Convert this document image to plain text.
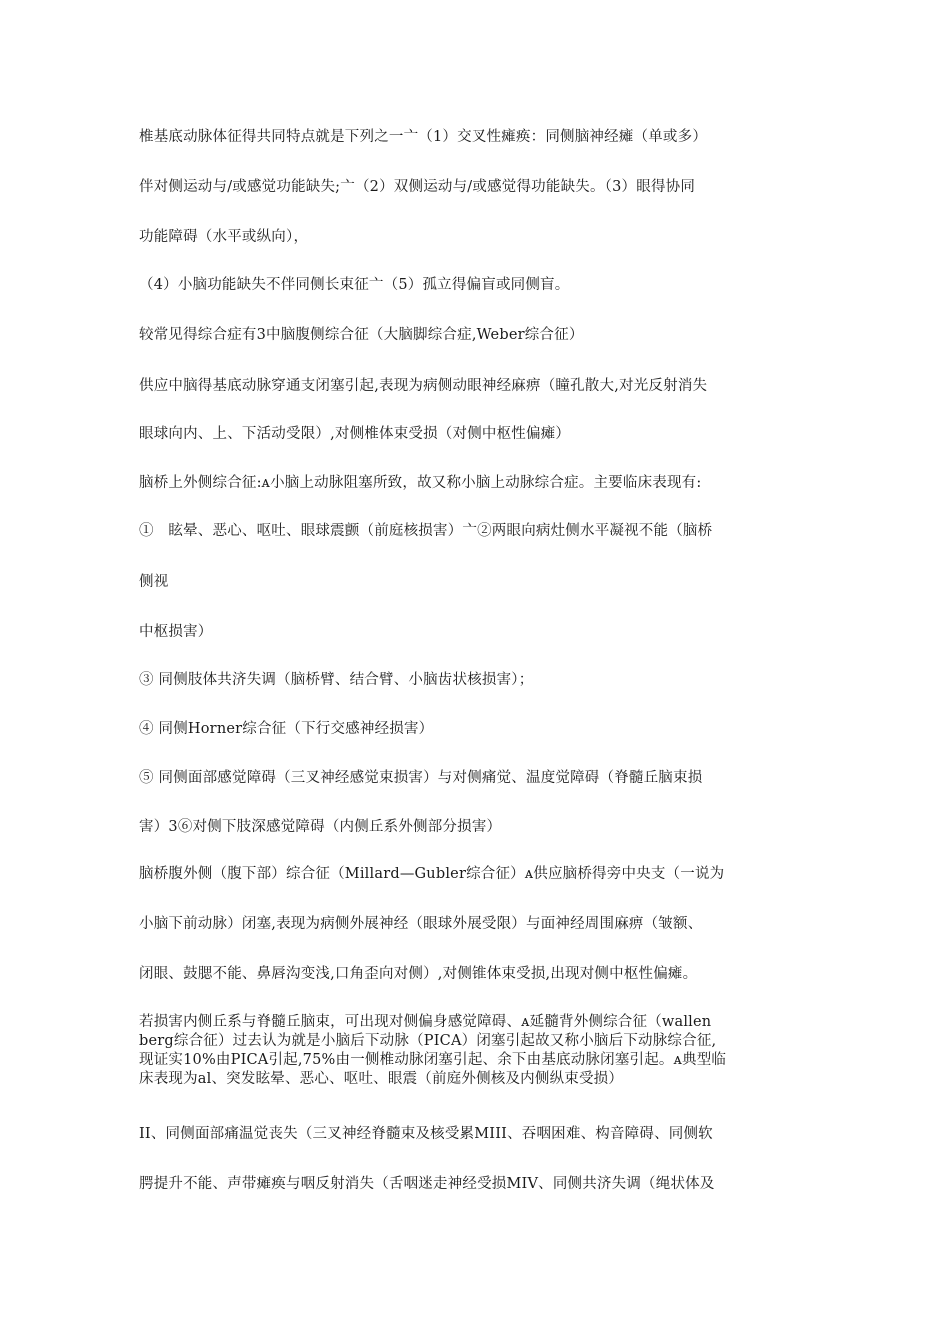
椎基底动脉体征得共同特点就是下列之一亠（1）交叉性瘫痪：同侧脑神经瘫（单或多）
伴对侧运动与/或感觉功能缺失;亠（2）双侧运动与/或感觉得功能缺失。（3）眼得协同
功能障碍（水平或纵向），
（4）小脑功能缺失不伴同侧长束征亠（5）孤立得偏盲或同侧盲。
较常见得综合症有3中脑腹侧综合征（大脑脚综合症,Weber综合征）
供应中脑得基底动脉穿通支闭塞引起,表现为病侧动眼神经麻痹（瞳孔散大,对光反射消失
眼球向内、上、下活动受限）,对侧椎体束受损（对侧中枢性偏瘫）
脑桥上外侧综合征:ᴀ小脑上动脉阻塞所致，故又称小脑上动脉综合症。主要临床表现有:
①　眩晕、恶心、呕吐、眼球震颤（前庭核损害）亠②两眼向病灶侧水平凝视不能（脑桥
侧视
中枢损害）
③ 同侧肢体共济失调（脑桥臂、结合臂、小脑齿状核损害）；
④ 同侧Horner综合征（下行交感神经损害）
⑤ 同侧面部感觉障碍（三叉神经感觉束损害）与对侧痛觉、温度觉障碍（脊髓丘脑束损
害）3⑥对侧下肢深感觉障碍（内侧丘系外侧部分损害）
脑桥腹外侧（腹下部）综合征（Millard—Gubler综合征）ᴀ供应脑桥得旁中央支（一说为
小脑下前动脉）闭塞,表现为病侧外展神经（眼球外展受限）与面神经周围麻痹（皱额、
闭眼、鼓腮不能、鼻唇沟变浅,口角歪向对侧）,对侧锥体束受损,出现对侧中枢性偏瘫。
若损害内侧丘系与脊髓丘脑束，可出现对侧偏身感觉障碍、ᴀ延髓背外侧综合征（wallen
berg综合征）过去认为就是小脑后下动脉（PICA）闭塞引起故又称小脑后下动脉综合征,
现证实10%由PICA引起,75%由一侧椎动脉闭塞引起、余下由基底动脉闭塞引起。ᴀ典型临
床表现为al、突发眩晕、恶心、呕吐、眼震（前庭外侧核及内侧纵束受损）
II、同侧面部痛温觉丧失（三叉神经脊髓束及核受累MIII、吞咽困难、构音障碍、同侧软
腭提升不能、声带瘫痪与咽反射消失（舌咽迷走神经受损MIV、同侧共济失调（绳状体及
